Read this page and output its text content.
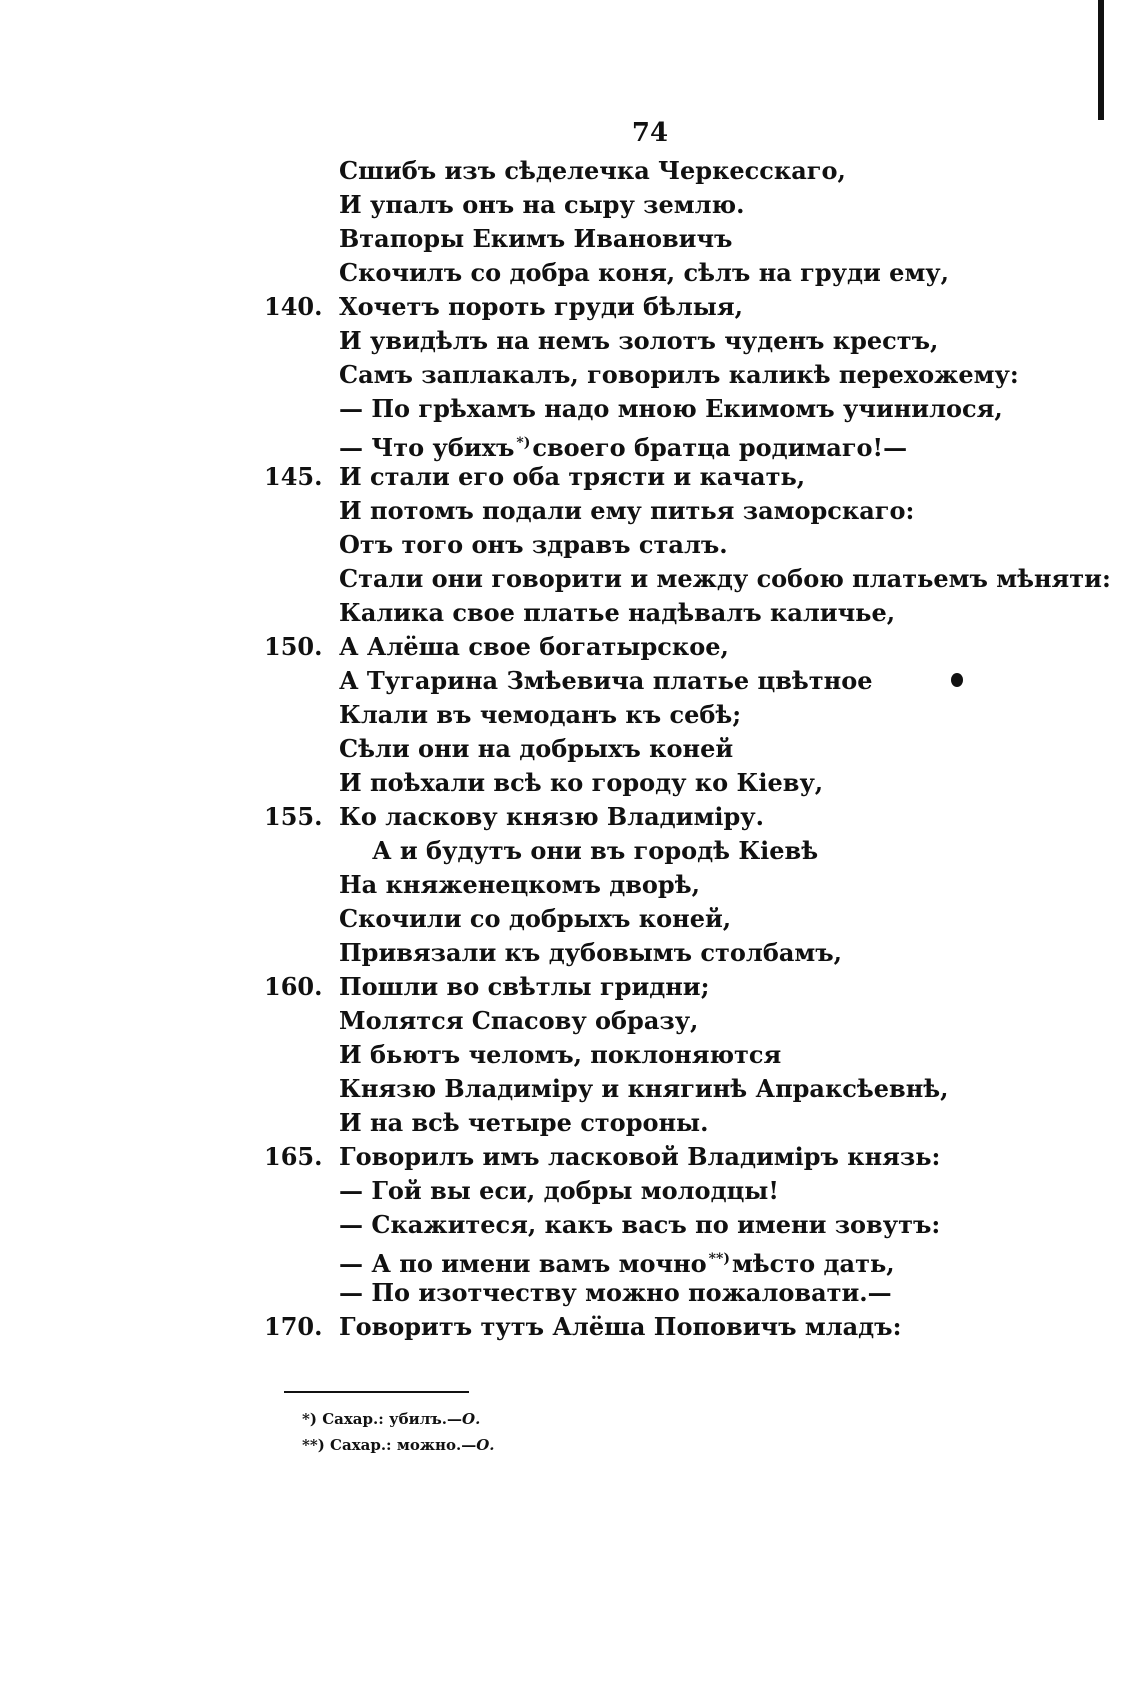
74
Сшибъ изъ сѣделечка Черкесскаго,
И упалъ онъ на сыру землю.
Втапоры Екимъ Ивановичъ
Скочилъ со добра коня, сѣлъ на груди ему,
140. Хочетъ пороть груди бѣлыя,
И увидѣлъ на немъ золотъ чуденъ крестъ,
Самъ заплакалъ, говорилъ каликѣ перехожему:
— По грѣхамъ надо мною Екимомъ учинилося,
— Что убихъ *)своего братца родимаго!—
145. И стали его оба трясти и качать,
И потомъ подали ему питья заморскаго:
Отъ того онъ здравъ сталъ.
Стали они говорити и между собою платьемъ мѣняти:
Калика свое платье надѣвалъ каличье,
150. А Алёша свое богатырское,
А Тугарина Змѣевича платье цвѣтное
Клали въ чемоданъ къ себѣ;
Сѣли они на добрыхъ коней
И поѣхали всѣ ко городу ко Кіеву,
155. Ко ласкову князю Владиміру.
А и будутъ они въ городѣ Кіевѣ
На княженецкомъ дворѣ,
Скочили со добрыхъ коней,
Привязали къ дубовымъ столбамъ,
160. Пошли во свѣтлы гридни;
Молятся Спасову образу,
И бьютъ челомъ, поклоняются
Князю Владиміру и княгинѣ Апраксѣевнѣ,
И на всѣ четыре стороны.
165. Говорилъ имъ ласковой Владиміръ князь:
— Гой вы еси, добры молодцы!
— Скажитеся, какъ васъ по имени зовутъ:
— А по имени вамъ мочно **)мѣсто дать,
— По изотчеству можно пожаловати.—
170. Говоритъ тутъ Алёша Поповичъ младъ:
*) Сахар.: убилъ.—О.
**) Сахар.: можно.—О.
